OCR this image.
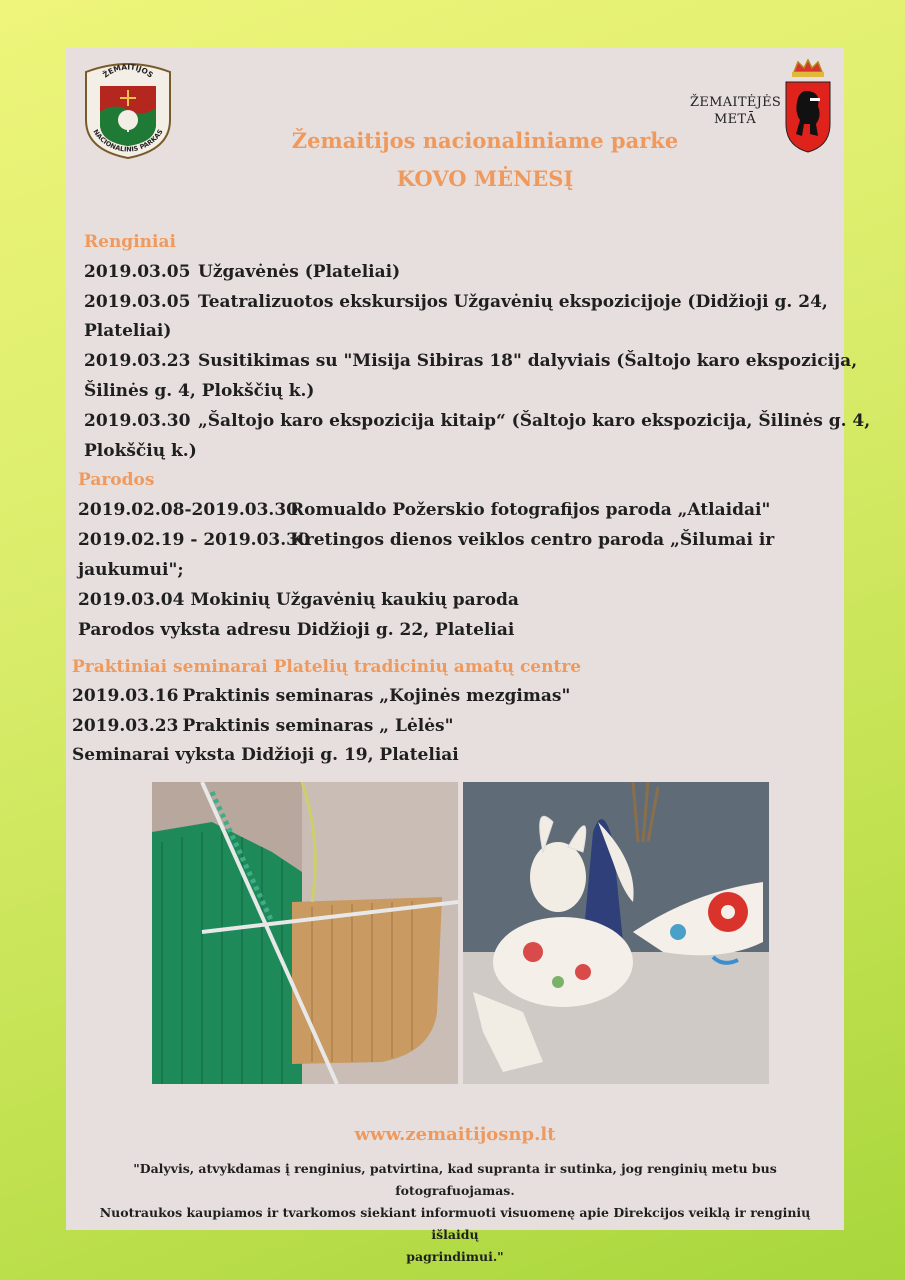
ŽEMAITIJOS
NACIONALINIS PARKAS
ŽEMAITĖJĖS
METĀ
Žemaitijos nacionaliniame parke
KOVO MĖNESĮ
Renginiai
2019.03.05 Užgavėnės (Plateliai)
2019.03.05 Teatralizuotos ekskursijos Užgavėnių ekspozicijoje (Didžioji g. 24,
Plateliai)
2019.03.23 Susitikimas su "Misija Sibiras 18" dalyviais (Šaltojo karo ekspozicija,
Šilinės g. 4, Plokščių k.)
2019.03.30 „Šaltojo karo ekspozicija kitaip“ (Šaltojo karo ekspozicija, Šilinės g. 4,
Plokščių k.)
Parodos
2019.02.08-2019.03.30Romualdo Požerskio fotografijos paroda „Atlaidai"
2019.02.19 - 2019.03.30Kretingos dienos veiklos centro paroda „Šilumai ir
jaukumui";
2019.03.04 Mokinių Užgavėnių kaukių paroda
Parodos vyksta adresu Didžioji g. 22, Plateliai
Praktiniai seminarai Platelių tradicinių amatų centre
2019.03.16 Praktinis seminaras „Kojinės mezgimas"
2019.03.23 Praktinis seminaras „ Lėlės"
Seminarai vyksta Didžioji g. 19, Plateliai
www.zemaitijosnp.lt
"Dalyvis, atvykdamas į renginius, patvirtina, kad supranta ir sutinka, jog renginių metu bus fotografuojamas.
Nuotraukos kaupiamos ir tvarkomos siekiant informuoti visuomenę apie Direkcijos veiklą ir renginių išlaidų
pagrindimui."
